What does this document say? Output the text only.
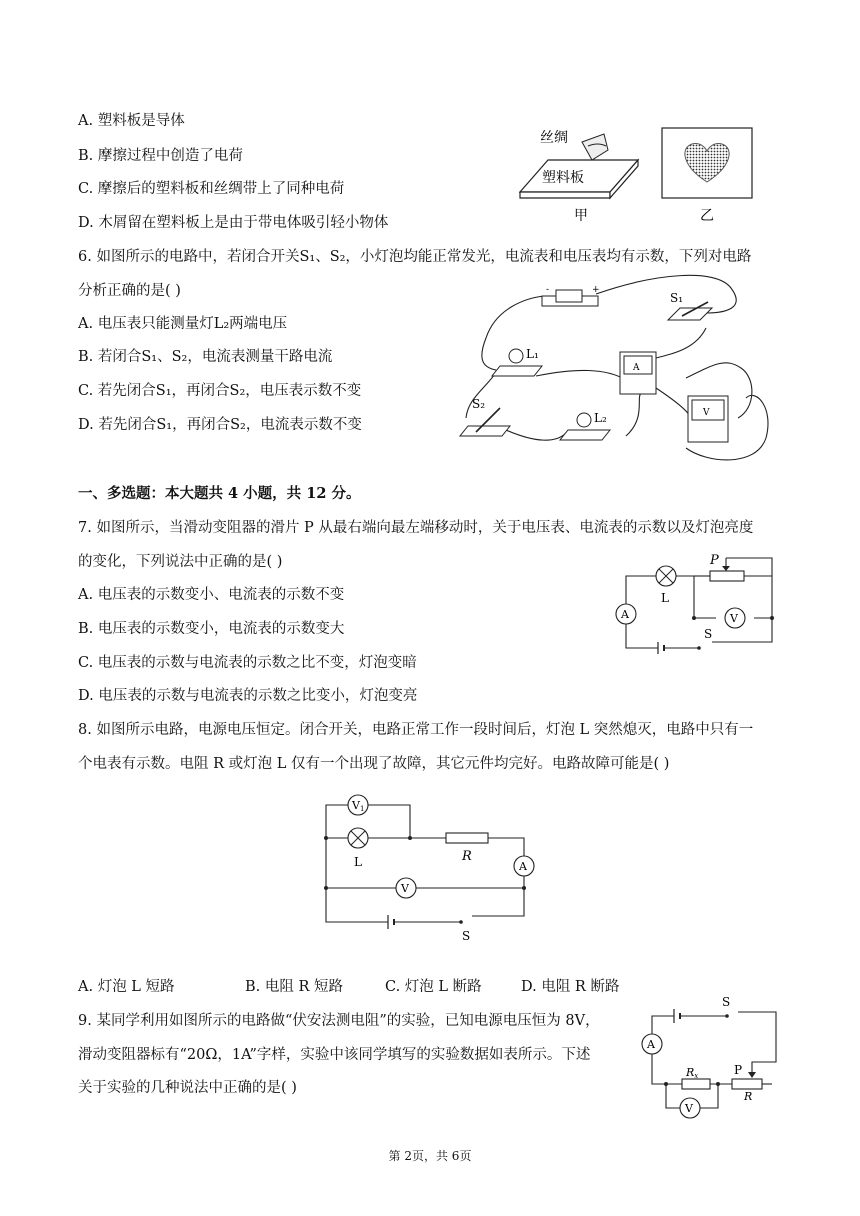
A. 塑料板是导体
B. 摩擦过程中创造了电荷
C. 摩擦后的塑料板和丝绸带上了同种电荷
D. 木屑留在塑料板上是由于带电体吸引轻小物体
丝绸
塑料板
甲	乙
6. 如图所示的电路中，若闭合开关S₁、S₂，小灯泡均能正常发光，电流表和电压表均有示数，下列对电路
分析正确的是( )
A. 电压表只能测量灯L₂两端电压
B. 若闭合S₁、S₂，电流表测量干路电流
C. 若先闭合S₁，再闭合S₂，电压表示数不变
D. 若先闭合S₁，再闭合S₂，电流表示数不变
-	+
S₁
L₁
A
S₂
L₂	V
一、多选题：本大题共 4 小题，共 12 分。
7. 如图所示，当滑动变阻器的滑片 P 从最右端向最左端移动时，关于电压表、电流表的示数以及灯泡亮度
的变化，下列说法中正确的是( )
A. 电压表的示数变小、电流表的示数不变
B. 电压表的示数变小，电流表的示数变大
C. 电压表的示数与电流表的示数之比不变，灯泡变暗
D. 电压表的示数与电流表的示数之比变小，灯泡变亮
P
L
A	V
S
8. 如图所示电路，电源电压恒定。闭合开关，电路正常工作一段时间后，灯泡 L 突然熄灭，电路中只有一
个电表有示数。电阻 R 或灯泡 L 仅有一个出现了故障，其它元件均完好。电路故障可能是( )
V1
L	R
A
V
S
A. 灯泡 L 短路	B. 电阻 R 短路	C. 灯泡 L 断路	D. 电阻 R 断路
9. 某同学利用如图所示的电路做“伏安法测电阻”的实验，已知电源电压恒为 8V，
滑动变阻器标有“20Ω，1A”字样，实验中该同学填写的实验数据如表所示。下述
关于实验的几种说法中正确的是( )
A
V
S
Rx	P
R
第 2页，共 6页
